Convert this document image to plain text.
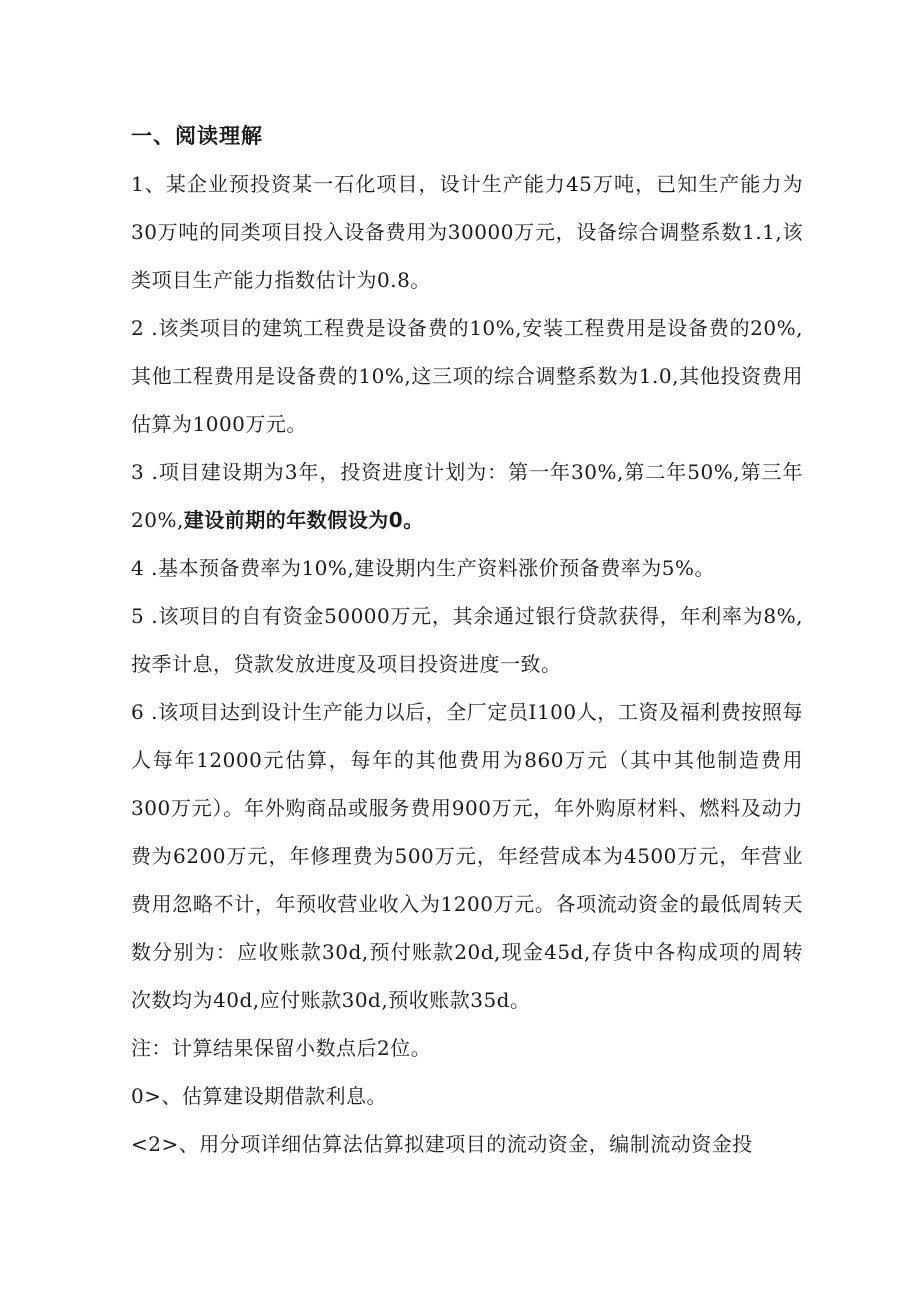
一、阅读理解

1、某企业预投资某一石化项目，设计生产能力45万吨，已知生产能力为30万吨的同类项目投入设备费用为30000万元，设备综合调整系数1.1,该类项目生产能力指数估计为0.8。

2 .该类项目的建筑工程费是设备费的10%,安装工程费用是设备费的20%,其他工程费用是设备费的10%,这三项的综合调整系数为1.0,其他投资费用估算为1000万元。

3 .项目建设期为3年，投资进度计划为：第一年30%,第二年50%,第三年20%,建设前期的年数假设为0。

4 .基本预备费率为10%,建设期内生产资料涨价预备费率为5%。

5 .该项目的自有资金50000万元，其余通过银行贷款获得，年利率为8%,按季计息，贷款发放进度及项目投资进度一致。

6 .该项目达到设计生产能力以后，全厂定员I100人，工资及福利费按照每人每年12000元估算，每年的其他费用为860万元（其中其他制造费用300万元）。年外购商品或服务费用900万元，年外购原材料、燃料及动力费为6200万元，年修理费为500万元，年经营成本为4500万元，年营业费用忽略不计，年预收营业收入为1200万元。各项流动资金的最低周转天数分别为：应收账款30d,预付账款20d,现金45d,存货中各构成项的周转次数均为40d,应付账款30d,预收账款35d。

注：计算结果保留小数点后2位。

0>、估算建设期借款利息。

<2>、用分项详细估算法估算拟建项目的流动资金，编制流动资金投
